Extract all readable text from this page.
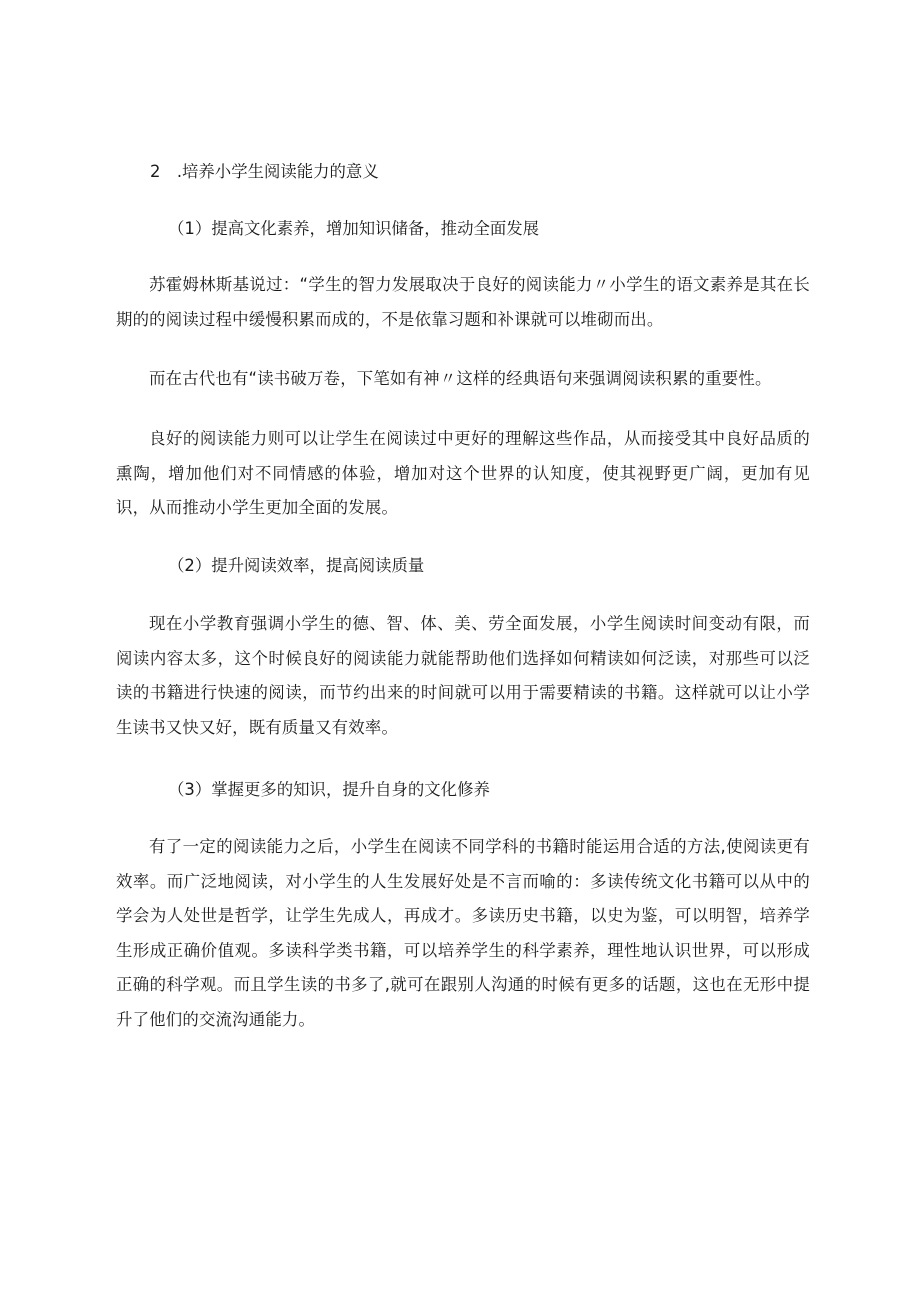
2　.培养小学生阅读能力的意义

（1）提高文化素养，增加知识储备，推动全面发展

苏霍姆林斯基说过：“学生的智力发展取决于良好的阅读能力〃小学生的语文素养是其在长期的的阅读过程中缓慢积累而成的，不是依靠习题和补课就可以堆砌而出。

而在古代也有“读书破万卷，下笔如有神〃这样的经典语句来强调阅读积累的重要性。

良好的阅读能力则可以让学生在阅读过中更好的理解这些作品，从而接受其中良好品质的熏陶，增加他们对不同情感的体验，增加对这个世界的认知度，使其视野更广阔，更加有见识，从而推动小学生更加全面的发展。

（2）提升阅读效率，提高阅读质量

现在小学教育强调小学生的德、智、体、美、劳全面发展，小学生阅读时间变动有限，而阅读内容太多，这个时候良好的阅读能力就能帮助他们选择如何精读如何泛读，对那些可以泛读的书籍进行快速的阅读，而节约出来的时间就可以用于需要精读的书籍。这样就可以让小学生读书又快又好，既有质量又有效率。

（3）掌握更多的知识，提升自身的文化修养

有了一定的阅读能力之后，小学生在阅读不同学科的书籍时能运用合适的方法,使阅读更有效率。而广泛地阅读，对小学生的人生发展好处是不言而喻的：多读传统文化书籍可以从中的学会为人处世是哲学，让学生先成人，再成才。多读历史书籍，以史为鉴，可以明智，培养学生形成正确价值观。多读科学类书籍，可以培养学生的科学素养，理性地认识世界，可以形成正确的科学观。而且学生读的书多了,就可在跟别人沟通的时候有更多的话题，这也在无形中提升了他们的交流沟通能力。
